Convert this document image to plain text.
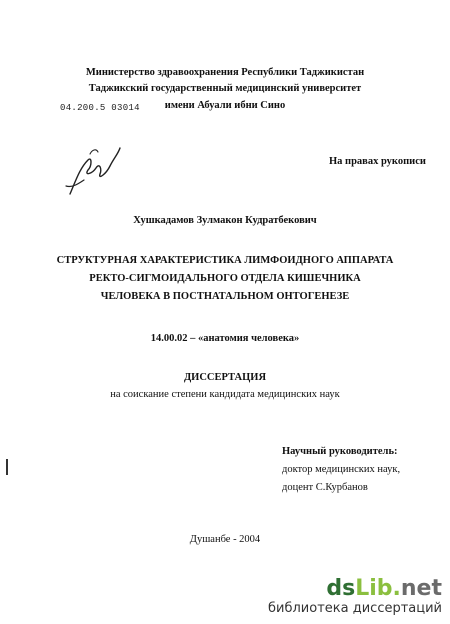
Министерство здравоохранения Республики Таджикистан
Таджикский государственный медицинский университет
имени Абуали ибни Сино
04.200.5 03014
На правах рукописи
Хушкадамов Зулмакон Кудратбекович
СТРУКТУРНАЯ ХАРАКТЕРИСТИКА ЛИМФОИДНОГО АППАРАТА
РЕКТО-СИГМОИДАЛЬНОГО ОТДЕЛА КИШЕЧНИКА
ЧЕЛОВЕКА В ПОСТНАТАЛЬНОМ ОНТОГЕНЕЗЕ
14.00.02 – «анатомия человека»
ДИССЕРТАЦИЯ
на соискание степени кандидата медицинских наук
Научный руководитель:
доктор медицинских наук,
доцент С.Курбанов
Душанбе - 2004
dsLib.net
библиотека диссертаций
